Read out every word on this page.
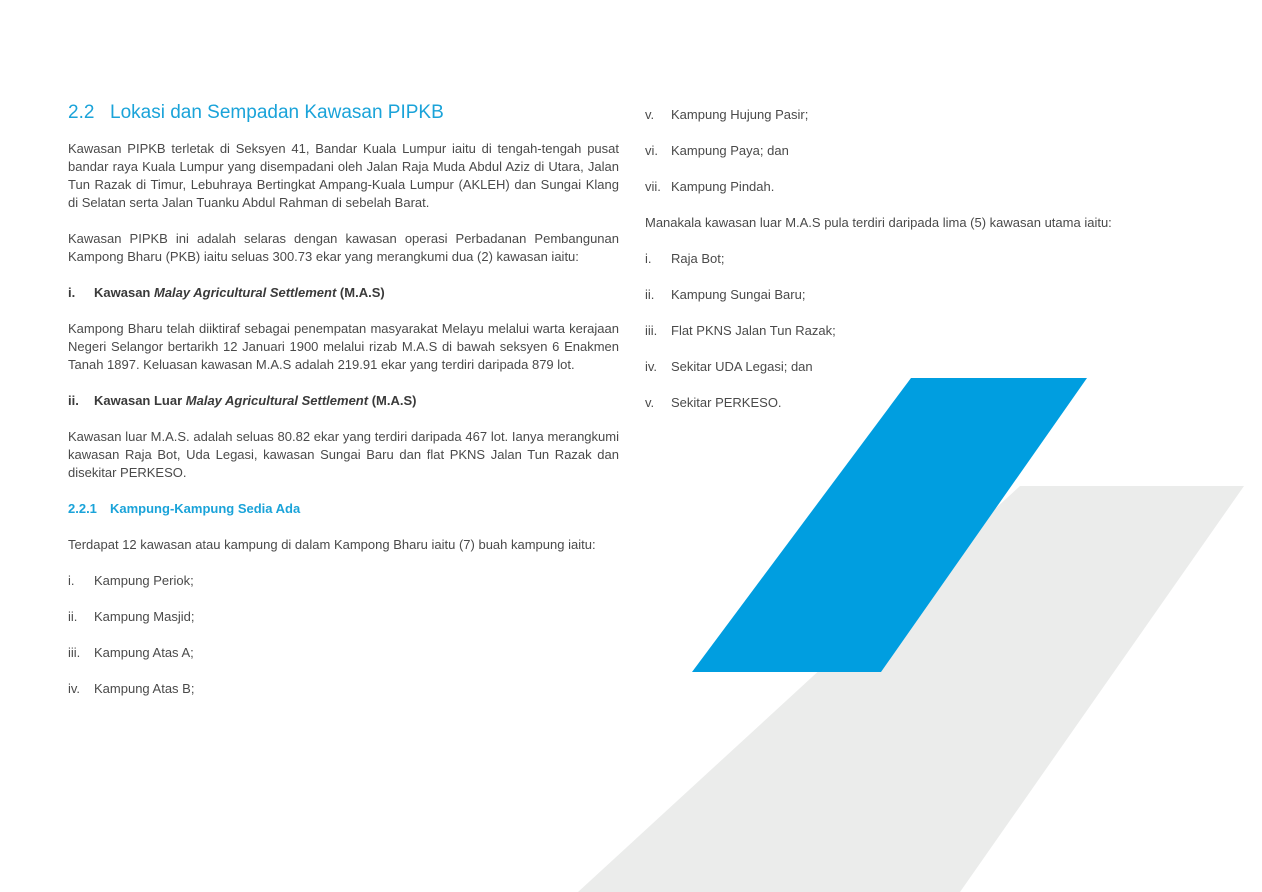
2.2 Lokasi dan Sempadan Kawasan PIPKB

Kawasan PIPKB terletak di Seksyen 41, Bandar Kuala Lumpur iaitu di tengah-tengah pusat bandar raya Kuala Lumpur yang disempadani oleh Jalan Raja Muda Abdul Aziz di Utara, Jalan Tun Razak di Timur, Lebuhraya Bertingkat Ampang-Kuala Lumpur (AKLEH) dan Sungai Klang di Selatan serta Jalan Tuanku Abdul Rahman di sebelah Barat.

Kawasan PIPKB ini adalah selaras dengan kawasan operasi Perbadanan Pembangunan Kampong Bharu (PKB) iaitu seluas 300.73 ekar yang merangkumi dua (2) kawasan iaitu:

i.	Kawasan Malay Agricultural Settlement (M.A.S)

Kampong Bharu telah diiktiraf sebagai penempatan masyarakat Melayu melalui warta kerajaan Negeri Selangor bertarikh 12 Januari 1900 melalui rizab M.A.S di bawah seksyen 6 Enakmen Tanah 1897. Keluasan kawasan M.A.S adalah 219.91 ekar yang terdiri daripada 879 lot.

ii.	Kawasan Luar Malay Agricultural Settlement (M.A.S)

Kawasan luar M.A.S. adalah seluas 80.82 ekar yang terdiri daripada 467 lot. Ianya merangkumi kawasan Raja Bot, Uda Legasi, kawasan Sungai Baru dan flat PKNS Jalan Tun Razak dan disekitar PERKESO.

2.2.1 Kampung-Kampung Sedia Ada

Terdapat 12 kawasan atau kampung di dalam Kampong Bharu iaitu (7) buah kampung iaitu:

i.	Kampung Periok;
ii.	Kampung Masjid;
iii.	Kampung Atas A;
iv.	Kampung Atas B;
v.	Kampung Hujung Pasir;
vi.	Kampung Paya; dan
vii. Kampung Pindah.

Manakala kawasan luar M.A.S pula terdiri daripada lima (5) kawasan utama iaitu:

i.	Raja Bot;
ii.	Kampung Sungai Baru;
iii.	Flat PKNS Jalan Tun Razak;
iv.	Sekitar UDA Legasi; dan
v.	Sekitar PERKESO.
